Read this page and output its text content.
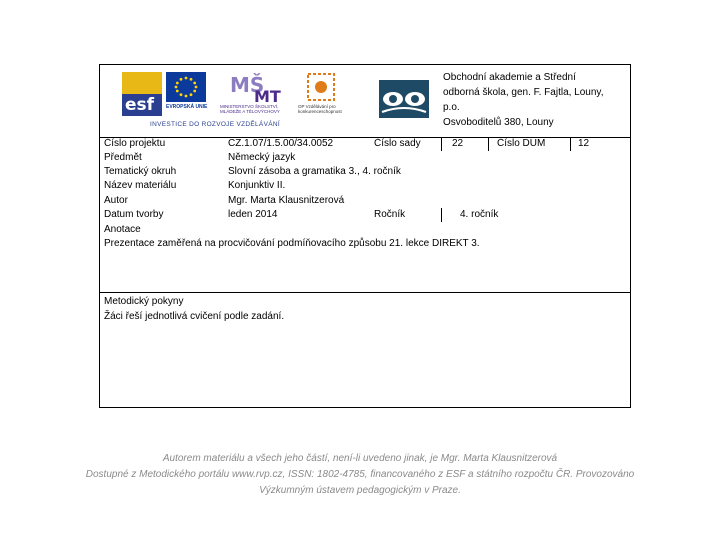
esf EVROPSKÁ UNIE
MŠ
MT
MINISTERSTVO ŠKOLSTVÍ, MLÁDEŽE A TĚLOVÝCHOVY
OP Vzdělávání pro konkurenceschopnost
INVESTICE DO ROZVOJE VZDĚLÁVÁNÍ
Obchodní akademie a Střední
odborná škola, gen. F. Fajtla, Louny,
p.o.
Osvoboditelů 380, Louny
Číslo projektu	CZ.1.07/1.5.00/34.0052	Číslo sady	22	Číslo DUM	12
Předmět	Německý jazyk
Tematický okruh	Slovní zásoba a gramatika 3., 4. ročník
Název materiálu	Konjunktiv II.
Autor	Mgr. Marta Klausnitzerová
Datum tvorby	leden 2014	Ročník	4. ročník
Anotace
Prezentace zaměřená na procvičování podmíňovacího způsobu 21. lekce DIREKT 3.
Metodický pokyny
Žáci řeší jednotlivá cvičení podle zadání.
Autorem materiálu a všech jeho částí, není-li uvedeno jinak, je Mgr. Marta Klausnitzerová
Dostupné z Metodického portálu www.rvp.cz, ISSN: 1802-4785, financovaného z ESF a státního rozpočtu ČR. Provozováno
Výzkumným ústavem pedagogickým v Praze.
